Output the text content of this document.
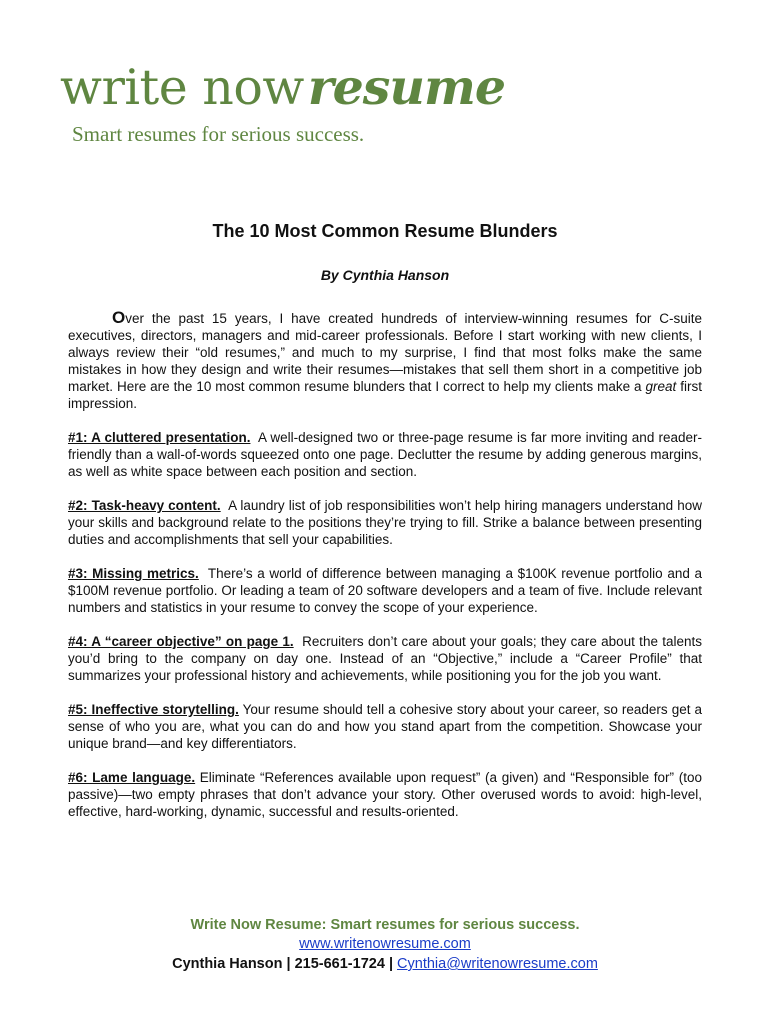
write nowresume
Smart resumes for serious success.
The 10 Most Common Resume Blunders
By Cynthia Hanson

Over the past 15 years, I have created hundreds of interview-winning resumes for C-suite executives, directors, managers and mid-career professionals. Before I start working with new clients, I always review their “old resumes,” and much to my surprise, I find that most folks make the same mistakes in how they design and write their resumes—mistakes that sell them short in a competitive job market. Here are the 10 most common resume blunders that I correct to help my clients make a great first impression.

#1: A cluttered presentation. A well-designed two or three-page resume is far more inviting and reader-friendly than a wall-of-words squeezed onto one page. Declutter the resume by adding generous margins, as well as white space between each position and section.

#2: Task-heavy content. A laundry list of job responsibilities won’t help hiring managers understand how your skills and background relate to the positions they’re trying to fill. Strike a balance between presenting duties and accomplishments that sell your capabilities.

#3: Missing metrics. There’s a world of difference between managing a $100K revenue portfolio and a $100M revenue portfolio. Or leading a team of 20 software developers and a team of five. Include relevant numbers and statistics in your resume to convey the scope of your experience.

#4: A “career objective” on page 1. Recruiters don’t care about your goals; they care about the talents you’d bring to the company on day one. Instead of an “Objective,” include a “Career Profile” that summarizes your professional history and achievements, while positioning you for the job you want.

#5: Ineffective storytelling. Your resume should tell a cohesive story about your career, so readers get a sense of who you are, what you can do and how you stand apart from the competition. Showcase your unique brand—and key differentiators.

#6: Lame language. Eliminate “References available upon request” (a given) and “Responsible for” (too passive)—two empty phrases that don’t advance your story. Other overused words to avoid: high-level, effective, hard-working, dynamic, successful and results-oriented.

Write Now Resume: Smart resumes for serious success.
www.writenowresume.com
Cynthia Hanson | 215-661-1724 | Cynthia@writenowresume.com
